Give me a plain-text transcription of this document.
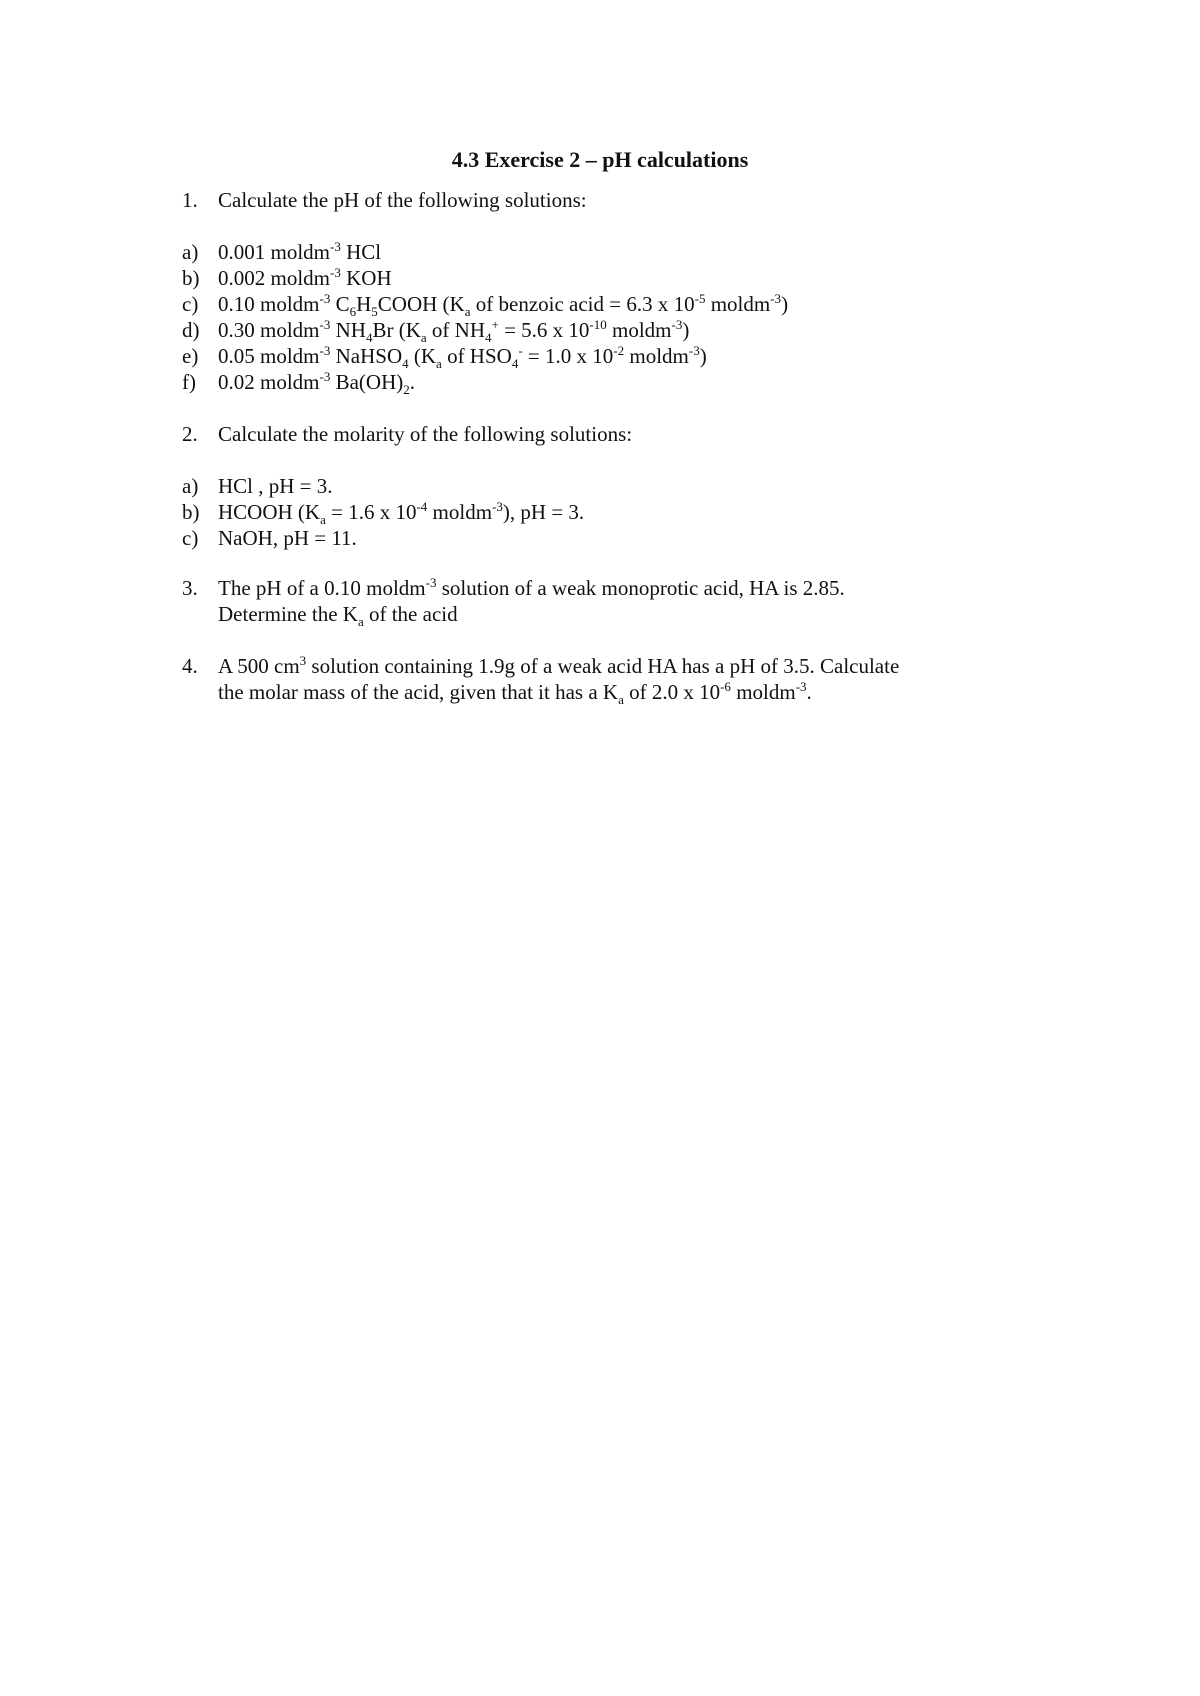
4.3 Exercise 2 – pH calculations
1. Calculate the pH of the following solutions:
a) 0.001 moldm$^{-3}$ HCl
b) 0.002 moldm$^{-3}$ KOH
c) 0.10 moldm$^{-3}$ $C_6H_5COOH$ ($K_a$ of benzoic acid = 6.3 x $10^{-5}$ moldm$^{-3}$)
d) 0.30 moldm$^{-3}$ $NH_4Br$ ($K_a$ of $NH_4^+ = 5.6$ x $10^{-10}$ moldm$^{-3}$)
e) 0.05 moldm$^{-3}$ NaHSO$_4$ ($K_a$ of $HSO_4^- = 1.0$ x $10^{-2}$ moldm$^{-3}$)
f) 0.02 moldm$^{-3}$ $Ba(OH)_2$.
2. Calculate the molarity of the following solutions:
a) HCl , pH = 3.
b) HCOOH ($K_a = 1.6$ x $10^{-4}$ moldm$^{-3}$), pH = 3.
c) NaOH, pH = 11.
3. The pH of a 0.10 moldm$^{-3}$ solution of a weak monoprotic acid, HA is 2.85.
Determine the $K_a$ of the acid
4. A 500 $cm^3$ solution containing 1.9g of a weak acid HA has a pH of 3.5. Calculate
the molar mass of the acid, given that it has a $K_a$ of 2.0 x $10^{-6}$ moldm$^{-3}$.
